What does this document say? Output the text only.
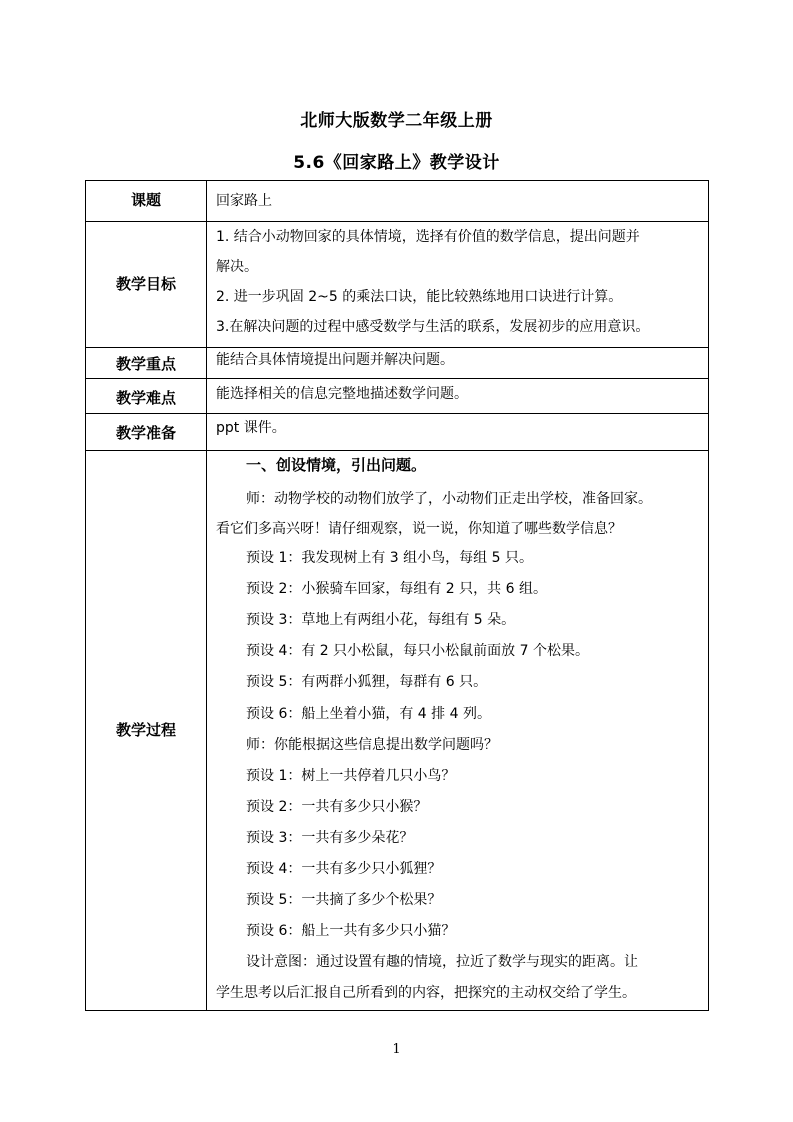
北师大版数学二年级上册
5.6《回家路上》教学设计
课题
教学目标
教学重点
教学难点
教学准备
教学过程
回家路上
1. 结合小动物回家的具体情境，选择有价值的数学信息，提出问题并
解决。
2. 进一步巩固 2~5 的乘法口诀，能比较熟练地用口诀进行计算。
3.在解决问题的过程中感受数学与生活的联系，发展初步的应用意识。
能结合具体情境提出问题并解决问题。
能选择相关的信息完整地描述数学问题。
ppt 课件。
一、创设情境，引出问题。
师：动物学校的动物们放学了，小动物们正走出学校，准备回家。
看它们多高兴呀！请仔细观察，说一说，你知道了哪些数学信息？
预设 1：我发现树上有 3 组小鸟，每组 5 只。
预设 2：小猴骑车回家，每组有 2 只，共 6 组。
预设 3：草地上有两组小花，每组有 5 朵。
预设 4：有 2 只小松鼠，每只小松鼠前面放 7 个松果。
预设 5：有两群小狐狸，每群有 6 只。
预设 6：船上坐着小猫，有 4 排 4 列。
师：你能根据这些信息提出数学问题吗？
预设 1：树上一共停着几只小鸟？
预设 2：一共有多少只小猴？
预设 3：一共有多少朵花？
预设 4：一共有多少只小狐狸？
预设 5：一共摘了多少个松果？
预设 6：船上一共有多少只小猫？
设计意图：通过设置有趣的情境，拉近了数学与现实的距离。让
学生思考以后汇报自己所看到的内容，把探究的主动权交给了学生。
1
